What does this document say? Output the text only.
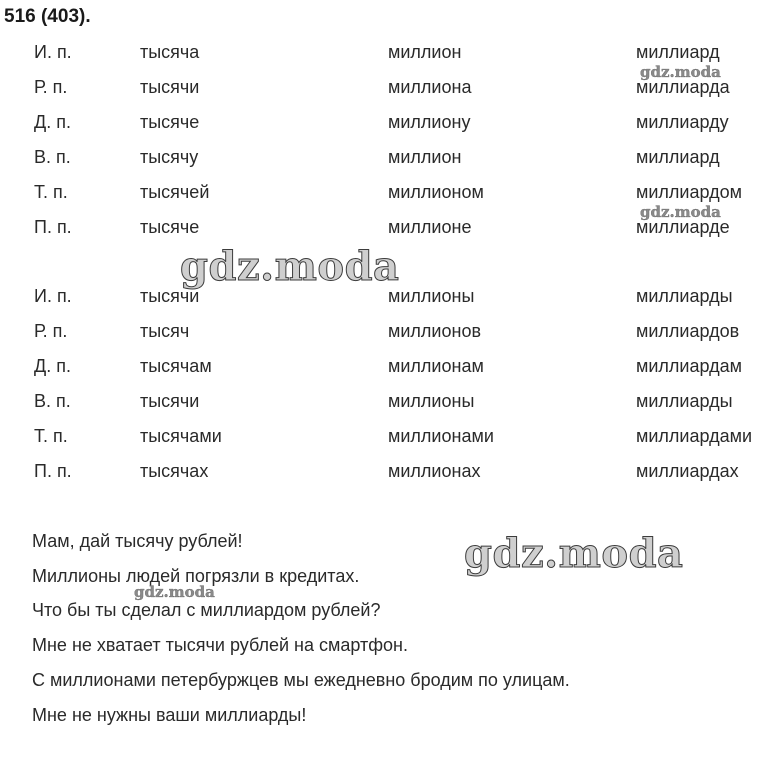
516 (403).
И. п.	тысяча	миллион	миллиард
Р. п.	тысячи	миллиона	миллиарда
Д. п.	тысяче	миллиону	миллиарду
В. п.	тысячу	миллион	миллиард
Т. п.	тысячей	миллионом	миллиардом
П. п.	тысяче	миллионе	миллиарде
И. п.	тысячи	миллионы	миллиарды
Р. п.	тысяч	миллионов	миллиардов
Д. п.	тысячам	миллионам	миллиардам
В. п.	тысячи	миллионы	миллиарды
Т. п.	тысячами	миллионами	миллиардами
П. п.	тысячах	миллионах	миллиардах
Мам, дай тысячу рублей!
Миллионы людей погрязли в кредитах.
Что бы ты сделал с миллиардом рублей?
Мне не хватает тысячи рублей на смартфон.
С миллионами петербуржцев мы ежедневно бродим по улицам.
Мне не нужны ваши миллиарды!
gdz.moda
gdz.moda
gdz.moda
gdz.moda
gdz.moda
